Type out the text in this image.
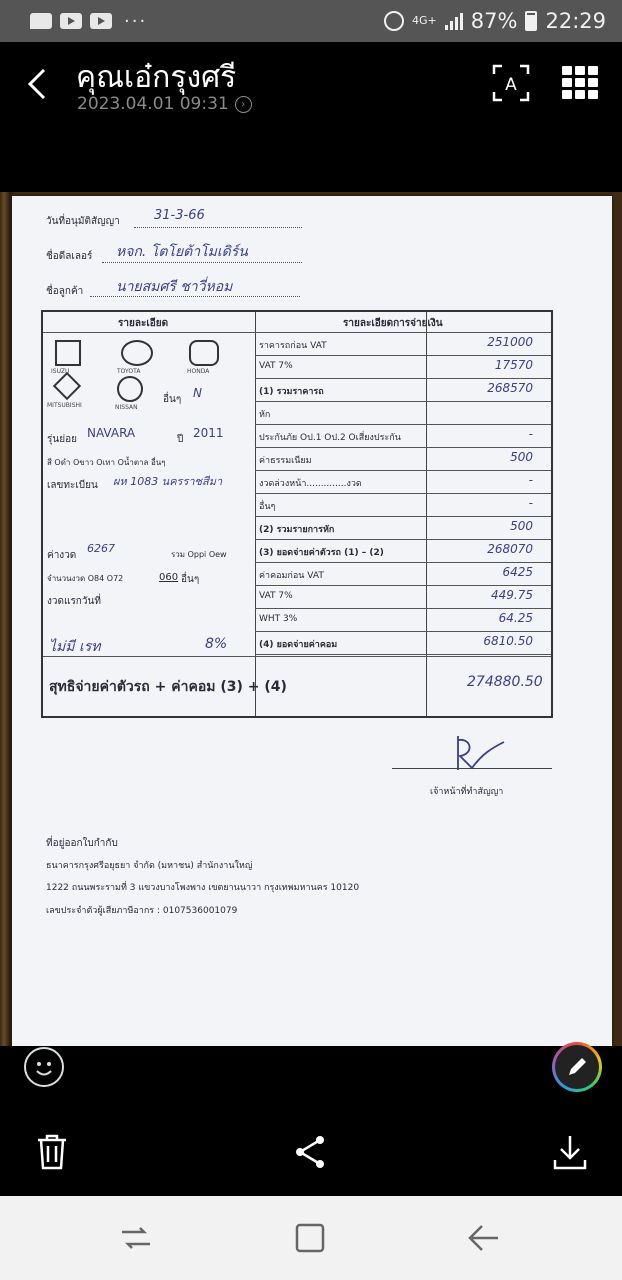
···	4G+ 87% 22:29
คุณเอ๋กรุงศรี
2023.04.01 09:31	›
A
วันที่อนุมัติสัญญา	31-3-66
ชื่อดีลเลอร์ หจก. โตโยต้าโมเดิร์น
ชื่อลูกค้า นายสมศรี ชาวี่หอม
รายละเอียด	รายละเอียดการจ่ายเงิน
ISUZU	TOYOTA	HONDA
MITSUBISHI	NISSAN
อื่นๆ N
รุ่นย่อย NAVARA	ปี 2011
สี Oดำ Oขาว Oเทา Oน้ำตาล อื่นๆ
เลขทะเบียน ผห 1083 นครราชสีมา
ค่างวด
6267	รวม Oppi Oew
จำนวนงวด O84 O72	060 อื่นๆ
งวดแรกวันที่
ไม่มี เรท	8%
ราคารถก่อน VAT	251000
VAT 7%	17570
(1) รวมราคารถ	268570
หัก
ประกันภัย Oป.1 Oป.2 Oเสี่ยงประกัน	-
ค่าธรรมเนียม	500
งวดล่วงหน้า..............งวด	-
อื่นๆ	-
(2) รวมรายการหัก	500
(3) ยอดจ่ายค่าตัวรถ (1) – (2)	268070
ค่าคอมก่อน VAT	6425
VAT 7%	449.75
WHT 3%	64.25
(4) ยอดจ่ายค่าคอม	6810.50
สุทธิจ่ายค่าตัวรถ + ค่าคอม (3) + (4)	274880.50
เจ้าหน้าที่ทำสัญญา
ที่อยู่ออกใบกำกับ
ธนาคารกรุงศรีอยุธยา จำกัด (มหาชน) สำนักงานใหญ่
1222 ถนนพระรามที่ 3 แขวงบางโพงพาง เขตยานนาวา กรุงเทพมหานคร 10120
เลขประจำตัวผู้เสียภาษีอากร : 0107536001079
